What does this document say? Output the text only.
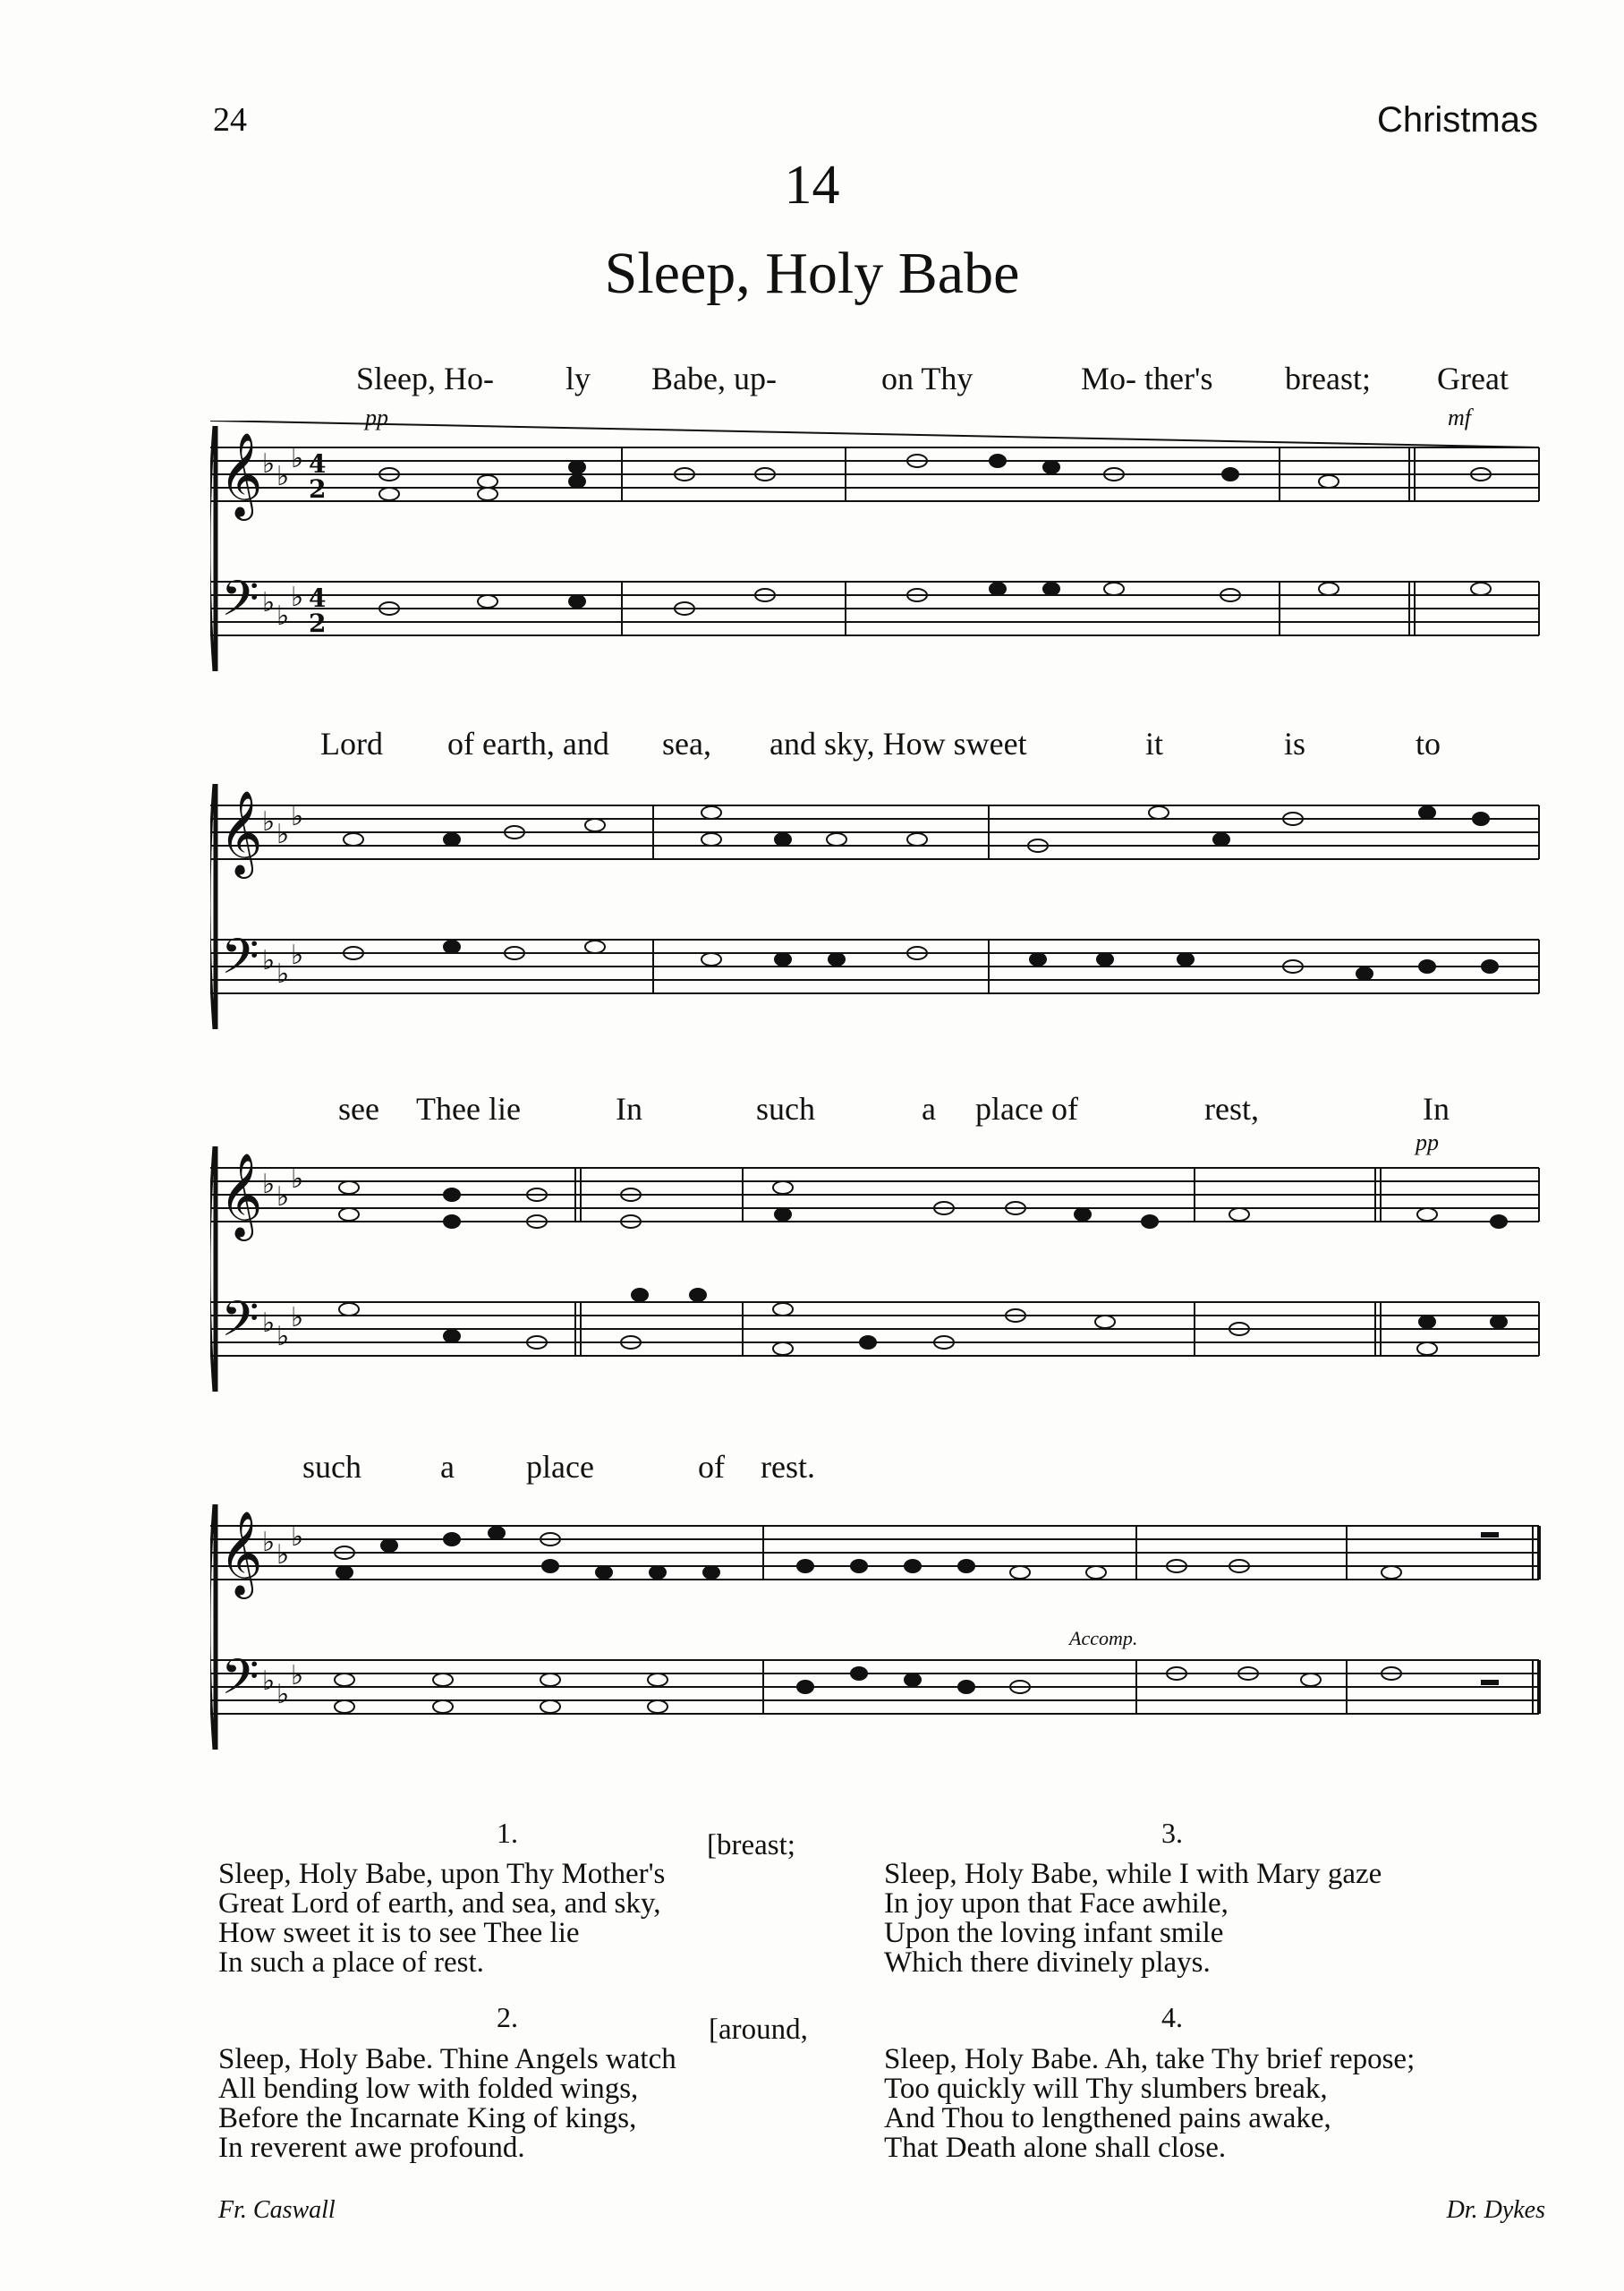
24	Christmas
14
Sleep, Holy Babe
Sleep, Ho- ly Babe, up-	on Thy	Mo- ther's breast; Great
pp	mf
𝄞
𝄢
♭ ♭
♭
♭ ♭
♭
4
2
4
2
Lord of earth, and sea, and sky, How sweet	it	is	to
𝄞
𝄢
♭ ♭
♭
♭ ♭
♭
see Thee lie	In	such	a place of	rest,	In
pp
𝄞
𝄢
♭ ♭
♭
♭ ♭
♭
such a place	of rest.
Accomp.
𝄞
𝄢
♭ ♭
♭
♭ ♭
♭
1.	[breast;
Sleep, Holy Babe, upon Thy Mother's
Great Lord of earth, and sea, and sky,
How sweet it is to see Thee lie
In such a place of rest.
2.	[around,
Sleep, Holy Babe. Thine Angels watch
All bending low with folded wings,
Before the Incarnate King of kings,
In reverent awe profound.
3.
Sleep, Holy Babe, while I with Mary gaze
In joy upon that Face awhile,
Upon the loving infant smile
Which there divinely plays.
4.
Sleep, Holy Babe. Ah, take Thy brief repose;
Too quickly will Thy slumbers break,
And Thou to lengthened pains awake,
That Death alone shall close.
Fr. Caswall	Dr. Dykes
